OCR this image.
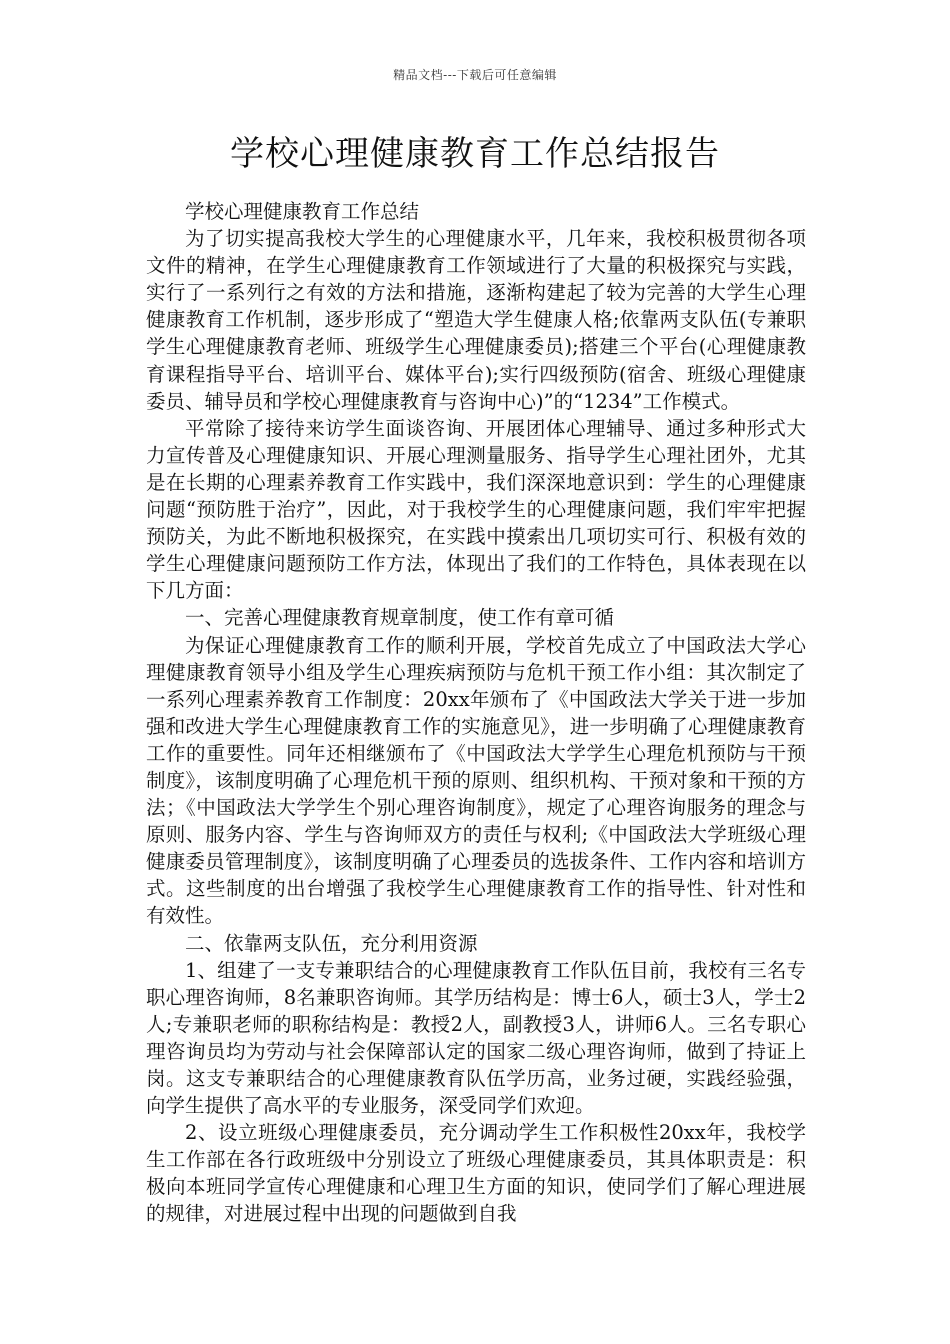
精品文档---下载后可任意编辑
学校心理健康教育工作总结报告

学校心理健康教育工作总结

为了切实提高我校大学生的心理健康水平，几年来，我校积极贯彻各项文件的精神，在学生心理健康教育工作领域进行了大量的积极探究与实践，实行了一系列行之有效的方法和措施，逐渐构建起了较为完善的大学生心理健康教育工作机制，逐步形成了“塑造大学生健康人格;依靠两支队伍(专兼职学生心理健康教育老师、班级学生心理健康委员);搭建三个平台(心理健康教育课程指导平台、培训平台、媒体平台);实行四级预防(宿舍、班级心理健康委员、辅导员和学校心理健康教育与咨询中心)”的“1234”工作模式。

平常除了接待来访学生面谈咨询、开展团体心理辅导、通过多种形式大力宣传普及心理健康知识、开展心理测量服务、指导学生心理社团外，尤其是在长期的心理素养教育工作实践中，我们深深地意识到：学生的心理健康问题“预防胜于治疗”，因此，对于我校学生的心理健康问题，我们牢牢把握预防关，为此不断地积极探究，在实践中摸索出几项切实可行、积极有效的学生心理健康问题预防工作方法，体现出了我们的工作特色，具体表现在以下几方面：

一、完善心理健康教育规章制度，使工作有章可循

为保证心理健康教育工作的顺利开展，学校首先成立了中国政法大学心理健康教育领导小组及学生心理疾病预防与危机干预工作小组：其次制定了一系列心理素养教育工作制度：20xx年颁布了《中国政法大学关于进一步加强和改进大学生心理健康教育工作的实施意见》，进一步明确了心理健康教育工作的重要性。同年还相继颁布了《中国政法大学学生心理危机预防与干预制度》，该制度明确了心理危机干预的原则、组织机构、干预对象和干预的方法；《中国政法大学学生个别心理咨询制度》，规定了心理咨询服务的理念与原则、服务内容、学生与咨询师双方的责任与权利;《中国政法大学班级心理健康委员管理制度》，该制度明确了心理委员的选拔条件、工作内容和培训方式。这些制度的出台增强了我校学生心理健康教育工作的指导性、针对性和有效性。

二、依靠两支队伍，充分利用资源

1、组建了一支专兼职结合的心理健康教育工作队伍目前，我校有三名专职心理咨询师，8名兼职咨询师。其学历结构是：博士6人，硕士3人，学士2人;专兼职老师的职称结构是：教授2人，副教授3人，讲师6人。三名专职心理咨询员均为劳动与社会保障部认定的国家二级心理咨询师，做到了持证上岗。这支专兼职结合的心理健康教育队伍学历高，业务过硬，实践经验强，向学生提供了高水平的专业服务，深受同学们欢迎。

2、设立班级心理健康委员，充分调动学生工作积极性20xx年，我校学生工作部在各行政班级中分别设立了班级心理健康委员，其具体职责是：积极向本班同学宣传心理健康和心理卫生方面的知识，使同学们了解心理进展的规律，对进展过程中出现的问题做到自我
